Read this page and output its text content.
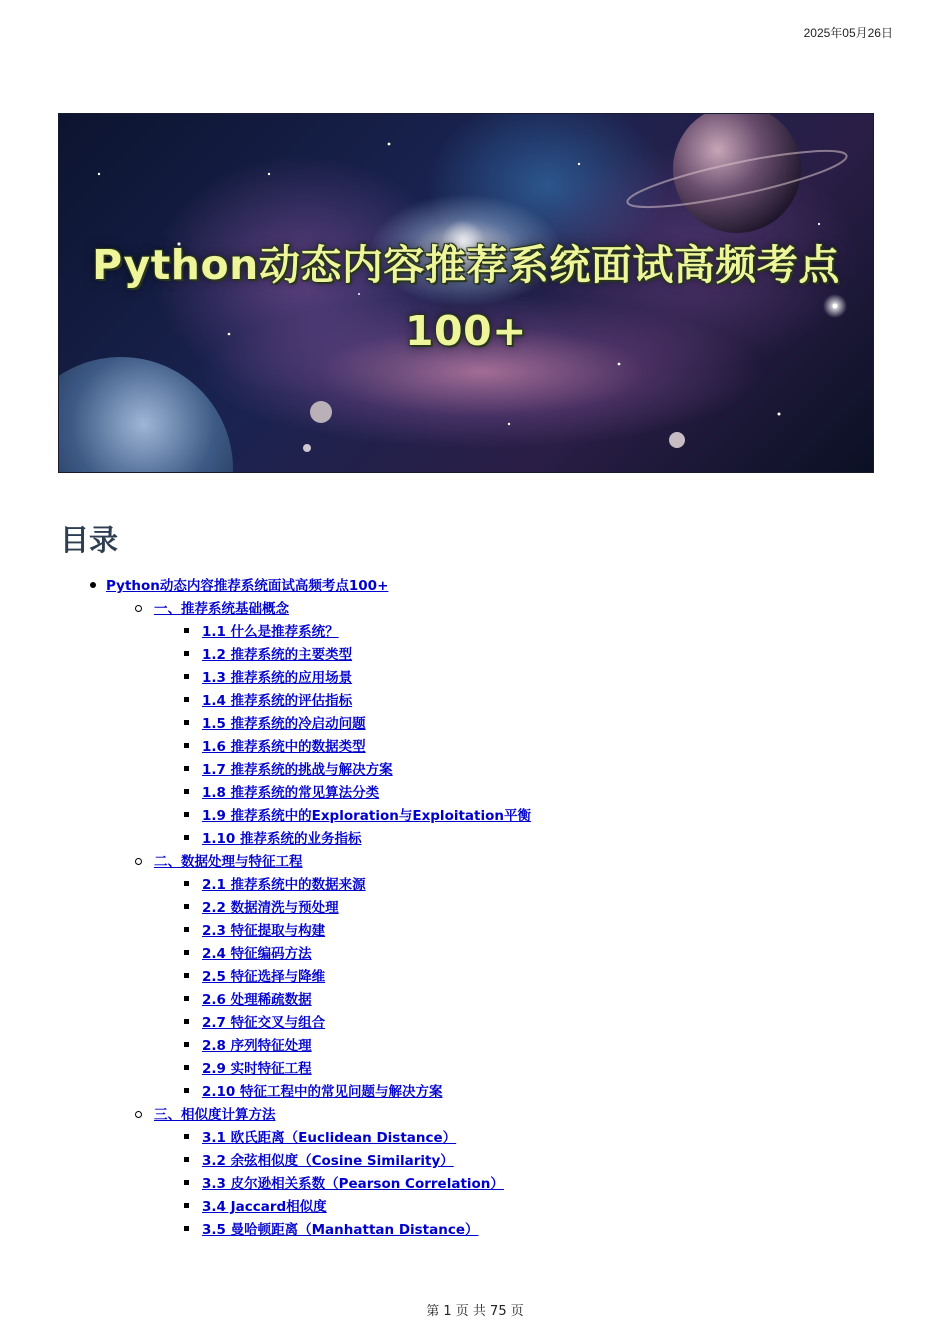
2025年05月26日
Python动态内容推荐系统面试高频考点
100+
目录
Python动态内容推荐系统面试高频考点100+
一、推荐系统基础概念
1.1 什么是推荐系统？
1.2 推荐系统的主要类型
1.3 推荐系统的应用场景
1.4 推荐系统的评估指标
1.5 推荐系统的冷启动问题
1.6 推荐系统中的数据类型
1.7 推荐系统的挑战与解决方案
1.8 推荐系统的常见算法分类
1.9 推荐系统中的Exploration与Exploitation平衡
1.10 推荐系统的业务指标
二、数据处理与特征工程
2.1 推荐系统中的数据来源
2.2 数据清洗与预处理
2.3 特征提取与构建
2.4 特征编码方法
2.5 特征选择与降维
2.6 处理稀疏数据
2.7 特征交叉与组合
2.8 序列特征处理
2.9 实时特征工程
2.10 特征工程中的常见问题与解决方案
三、相似度计算方法
3.1 欧氏距离（Euclidean Distance）
3.2 余弦相似度（Cosine Similarity）
3.3 皮尔逊相关系数（Pearson Correlation）
3.4 Jaccard相似度
3.5 曼哈顿距离（Manhattan Distance）
第 1 页 共 75 页
